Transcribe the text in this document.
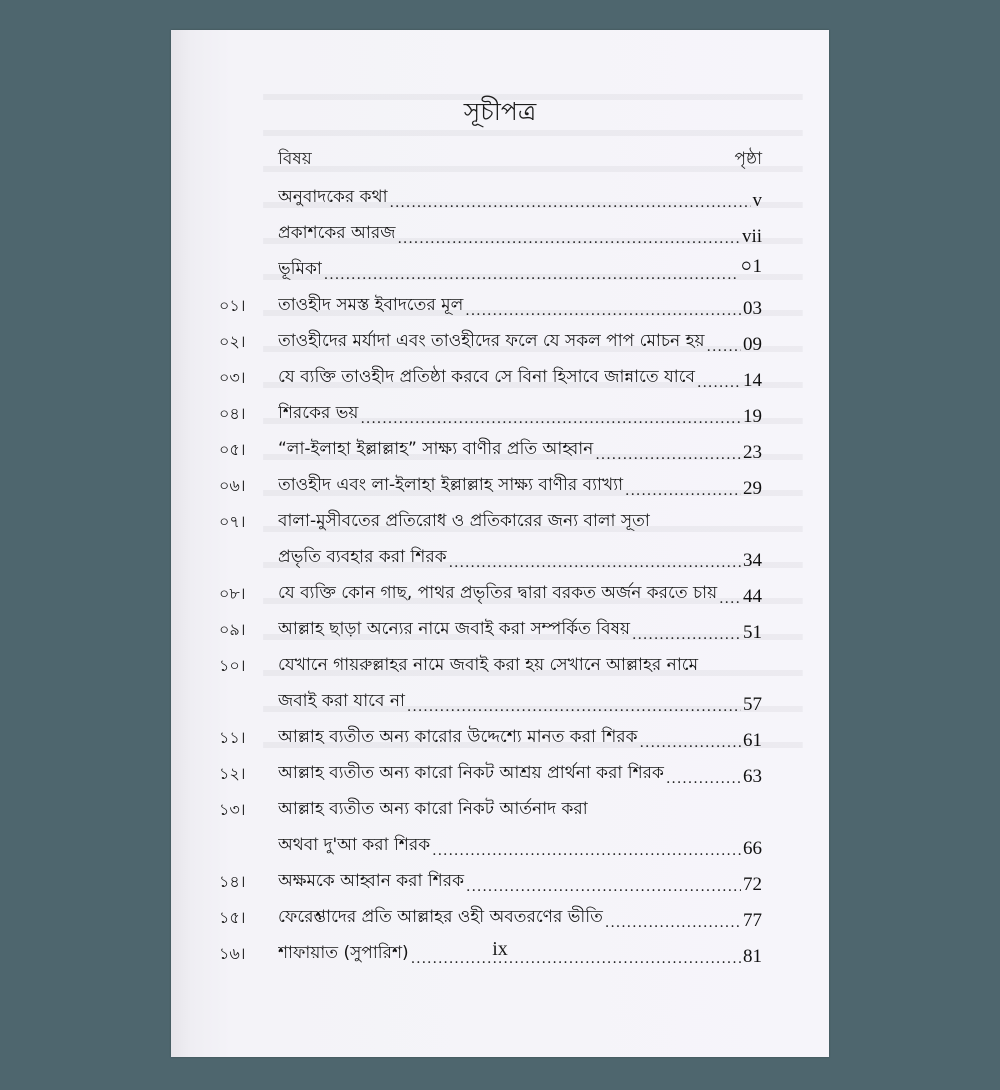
সূচীপত্র
বিষয়	পৃষ্ঠা
অনুবাদকের কথা .....	v
প্রকাশকের আরজ .....	vii
ভূমিকা .....	০1
০১।	তাওহীদ সমস্ত ইবাদতের মূল .....	03
০২।	তাওহীদের মর্যাদা এবং তাওহীদের ফলে যে সকল পাপ মোচন হয় ..... 09
০৩।	যে ব্যক্তি তাওহীদ প্রতিষ্ঠা করবে সে বিনা হিসাবে জান্নাতে যাবে .....	14
০৪।	শিরকের ভয় .....	19
০৫।	“লা-ইলাহা ইল্লাল্লাহ” সাক্ষ্য বাণীর প্রতি আহ্বান .....	23
০৬।	তাওহীদ এবং লা-ইলাহা ইল্লাল্লাহ সাক্ষ্য বাণীর ব্যাখ্যা .....	29
০৭।	বালা-মুসীবতের প্রতিরোধ ও প্রতিকারের জন্য বালা সূতা
প্রভৃতি ব্যবহার করা শিরক .....	34
০৮।	যে ব্যক্তি কোন গাছ, পাথর প্রভৃতির দ্বারা বরকত অর্জন করতে চায় ..... 44
০৯।	আল্লাহ ছাড়া অন্যের নামে জবাই করা সম্পর্কিত বিষয় .....	51
১০।	যেখানে গায়রুল্লাহর নামে জবাই করা হয় সেখানে আল্লাহর নামে
জবাই করা যাবে না .....	57
১১।	আল্লাহ ব্যতীত অন্য কারোর উদ্দেশ্যে মানত করা শিরক .....	61
১২।	আল্লাহ ব্যতীত অন্য কারো নিকট আশ্রয় প্রার্থনা করা শিরক .....	63
১৩।	আল্লাহ ব্যতীত অন্য কারো নিকট আর্তনাদ করা
অথবা দু'আ করা শিরক .....	66
১৪।	অক্ষমকে আহ্বান করা শিরক .....	72
১৫।	ফেরেশ্তাদের প্রতি আল্লাহর ওহী অবতরণের ভীতি .....	77
১৬।	শাফায়াত (সুপারিশ) .....	81
ix
